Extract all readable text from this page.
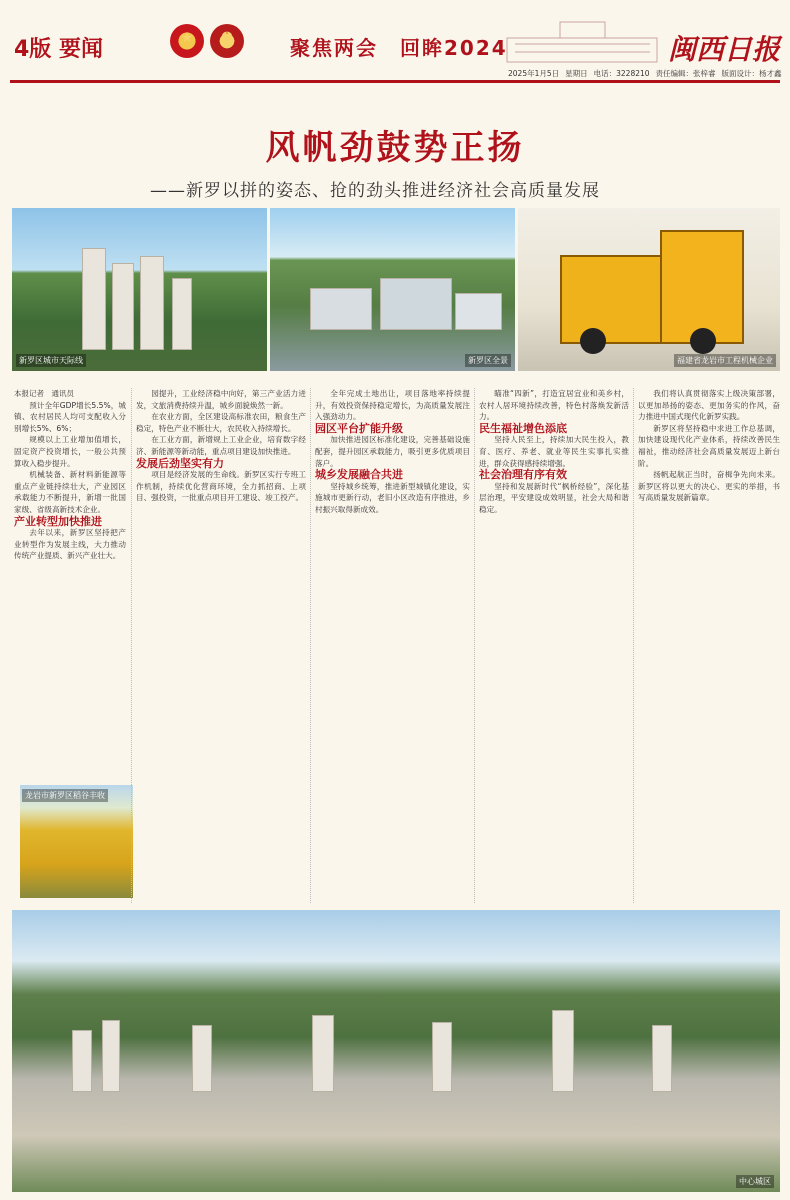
4版 要闻	★	✪	聚焦两会　回眸2024	闽西日报
2025年1月5日 星期日 电话：3228210 责任编辑：张梓睿 版面设计：杨才鑫
风帆劲鼓势正扬
——新罗以拼的姿态、抢的劲头推进经济社会高质量发展
新罗区城市天际线	新罗区全景	福建省龙岩市工程机械企业

本报记者　通讯员

预计全年GDP增长5.5%，城镇、农村居民人均可支配收入分别增长5%、6%；

规模以上工业增加值增长，固定资产投资增长，一般公共预算收入稳步提升。

机械装备、新材料新能源等重点产业链持续壮大，产业园区承载能力不断提升，新增一批国家级、省级高新技术企业。

产业转型加快推进

去年以来，新罗区坚持把产业转型作为发展主线，大力推动传统产业提质、新兴产业壮大。

龙岩市新罗区稻谷丰收

园提升，工业经济稳中向好，第三产业活力迸发，文旅消费持续升温，城乡面貌焕然一新。

在农业方面，全区建设高标准农田，粮食生产稳定，特色产业不断壮大，农民收入持续增长。

在工业方面，新增规上工业企业，培育数字经济、新能源等新动能，重点项目建设加快推进。

发展后劲坚实有力

项目是经济发展的生命线。新罗区实行专班工作机制，持续优化营商环境，全力抓招商、上项目、强投资，一批重点项目开工建设、竣工投产。

全年完成土地出让，项目落地率持续提升，有效投资保持稳定增长，为高质量发展注入强劲动力。

园区平台扩能升级

加快推进园区标准化建设，完善基础设施配套，提升园区承载能力，吸引更多优质项目落户。

城乡发展融合共进

坚持城乡统筹，推进新型城镇化建设，实施城市更新行动，老旧小区改造有序推进，乡村振兴取得新成效。

瞄准“四新”，打造宜居宜业和美乡村，农村人居环境持续改善，特色村落焕发新活力。

民生福祉增色添底

坚持人民至上，持续加大民生投入，教育、医疗、养老、就业等民生实事扎实推进，群众获得感持续增强。

社会治理有序有效

坚持和发展新时代“枫桥经验”，深化基层治理，平安建设成效明显，社会大局和谐稳定。

我们将认真贯彻落实上级决策部署，以更加昂扬的姿态、更加务实的作风，奋力推进中国式现代化新罗实践。

新罗区将坚持稳中求进工作总基调，加快建设现代化产业体系，持续改善民生福祉，推动经济社会高质量发展迈上新台阶。

扬帆起航正当时，奋楫争先向未来。新罗区将以更大的决心、更实的举措，书写高质量发展新篇章。

中心城区
